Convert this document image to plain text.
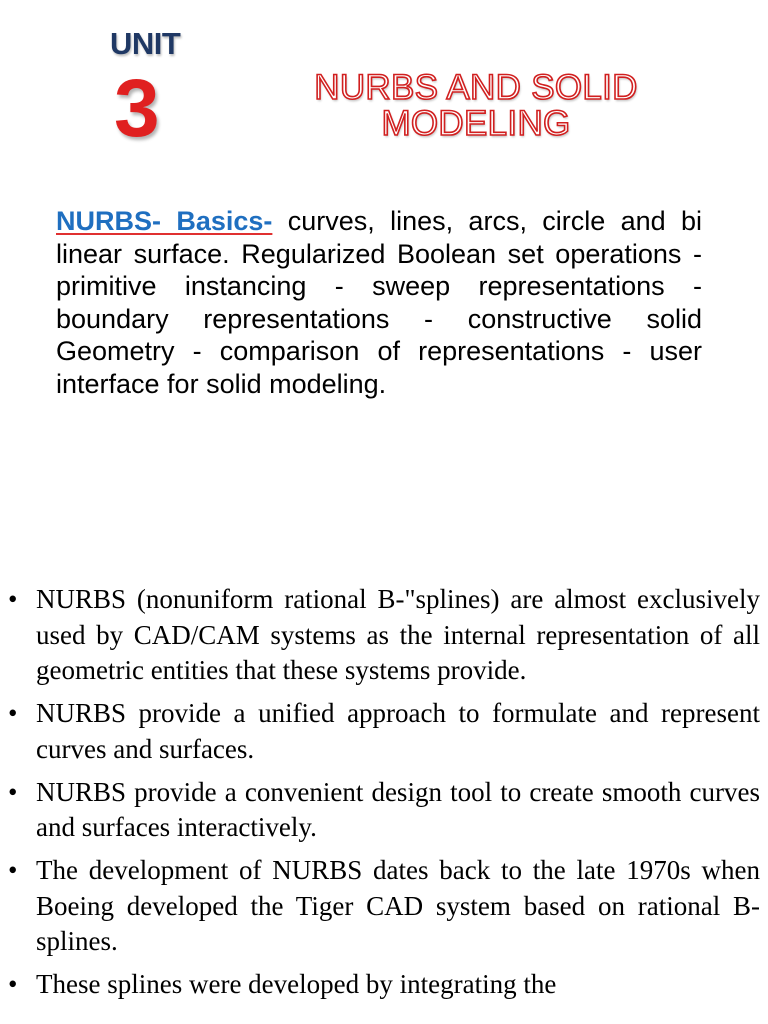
UNIT
3	NURBS AND SOLID
MODELING
NURBS- Basics- curves, lines, arcs, circle and bi linear surface. Regularized Boolean set operations - primitive instancing - sweep representations - boundary representations - constructive solid Geometry - comparison of representations - user interface for solid modeling.
• NURBS (nonuniform rational B-"splines) are almost exclusively used by CAD/CAM systems as the internal representation of all geometric entities that these systems provide.
• NURBS provide a unified approach to formulate and represent curves and surfaces.
• NURBS provide a convenient design tool to create smooth curves and surfaces interactively.
• The development of NURBS dates back to the late 1970s when Boeing developed the Tiger CAD system based on rational B-splines.
• These splines were developed by integrating the
